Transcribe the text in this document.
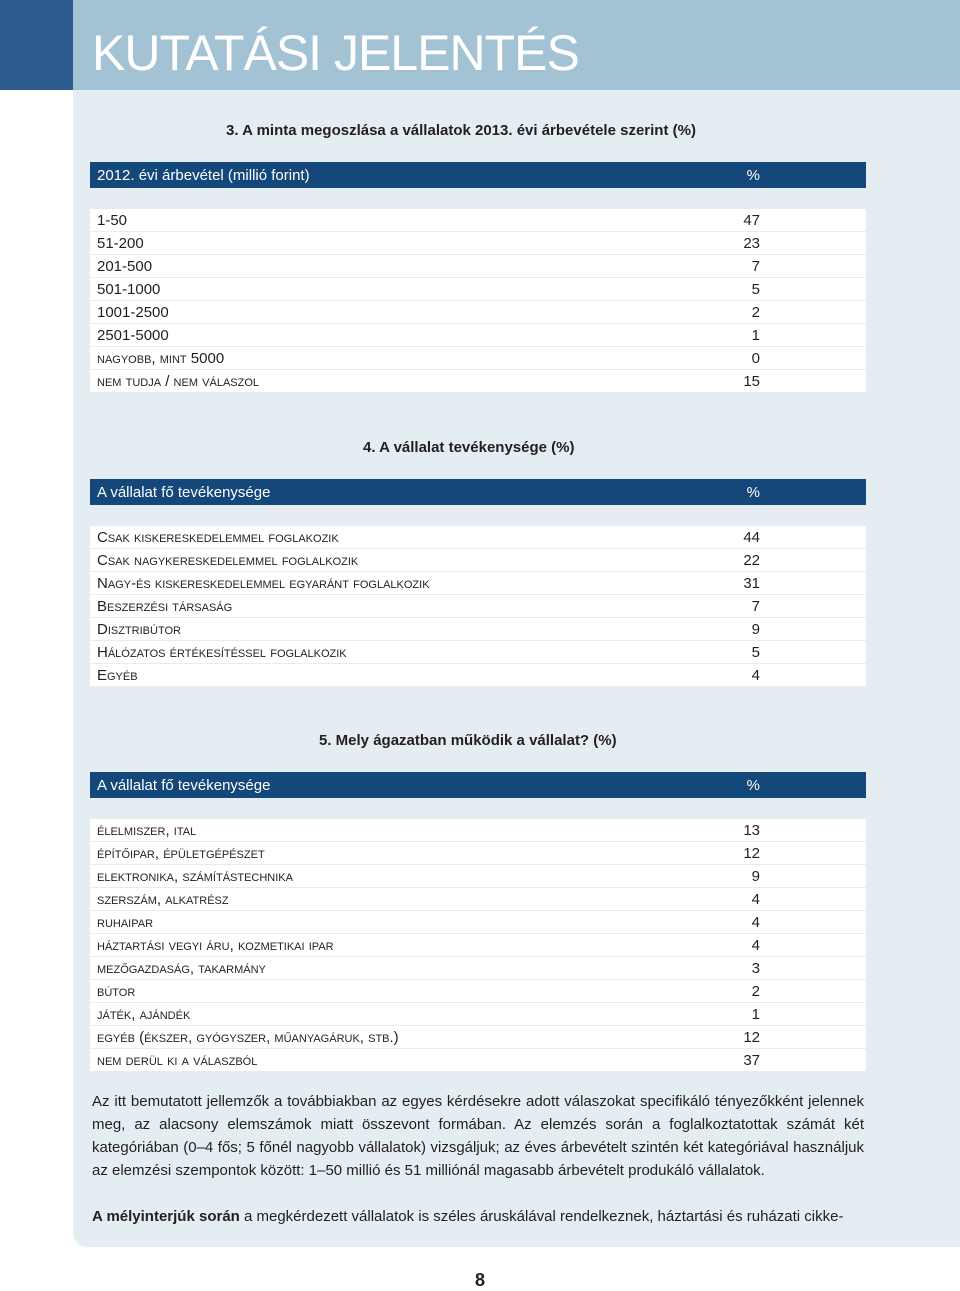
KUTATÁSI JELENTÉS
3. A minta megoszlása a vállalatok 2013. évi árbevétele szerint (%)
2012. évi árbevétel (millió forint)	%
1-50	47
51-200	23
201-500	7
501-1000	5
1001-2500	2
2501-5000	1
nagyobb, mint 5000	0
nem tudja / nem válaszol	15
4. A vállalat tevékenysége (%)
A vállalat fő tevékenysége	%
Csak kiskereskedelemmel foglakozik	44
Csak nagykereskedelemmel foglalkozik	22
Nagy-és kiskereskedelemmel egyaránt foglalkozik	31
Beszerzési társaság	7
Disztribútor	9
Hálózatos értékesítéssel foglalkozik	5
Egyéb	4
5. Mely ágazatban működik a vállalat? (%)
A vállalat fő tevékenysége	%
élelmiszer, ital	13
építőipar, épületgépészet	12
elektronika, számítástechnika	9
szerszám, alkatrész	4
ruhaipar	4
háztartási vegyi áru, kozmetikai ipar	4
mezőgazdaság, takarmány	3
bútor	2
játék, ajándék	1
egyéb (ékszer, gyógyszer, műanyagáruk, stb.)	12
nem derül ki a válaszból	37
Az itt bemutatott jellemzők a továbbiakban az egyes kérdésekre adott válaszokat specifikáló tényezőkként jelennek meg, az alacsony elemszámok miatt összevont formában. Az elemzés során a foglalkoztatottak számát két kategóriában (0–4 fős; 5 főnél nagyobb vállalatok) vizsgáljuk; az éves árbevételt szintén két kategóriával használjuk az elemzési szempontok között: 1–50 millió és 51 milliónál magasabb árbevételt produkáló vállalatok.
A mélyinterjúk során a megkérdezett vállalatok is széles áruskálával rendelkeznek, háztartási és ruházati cikke-
8
